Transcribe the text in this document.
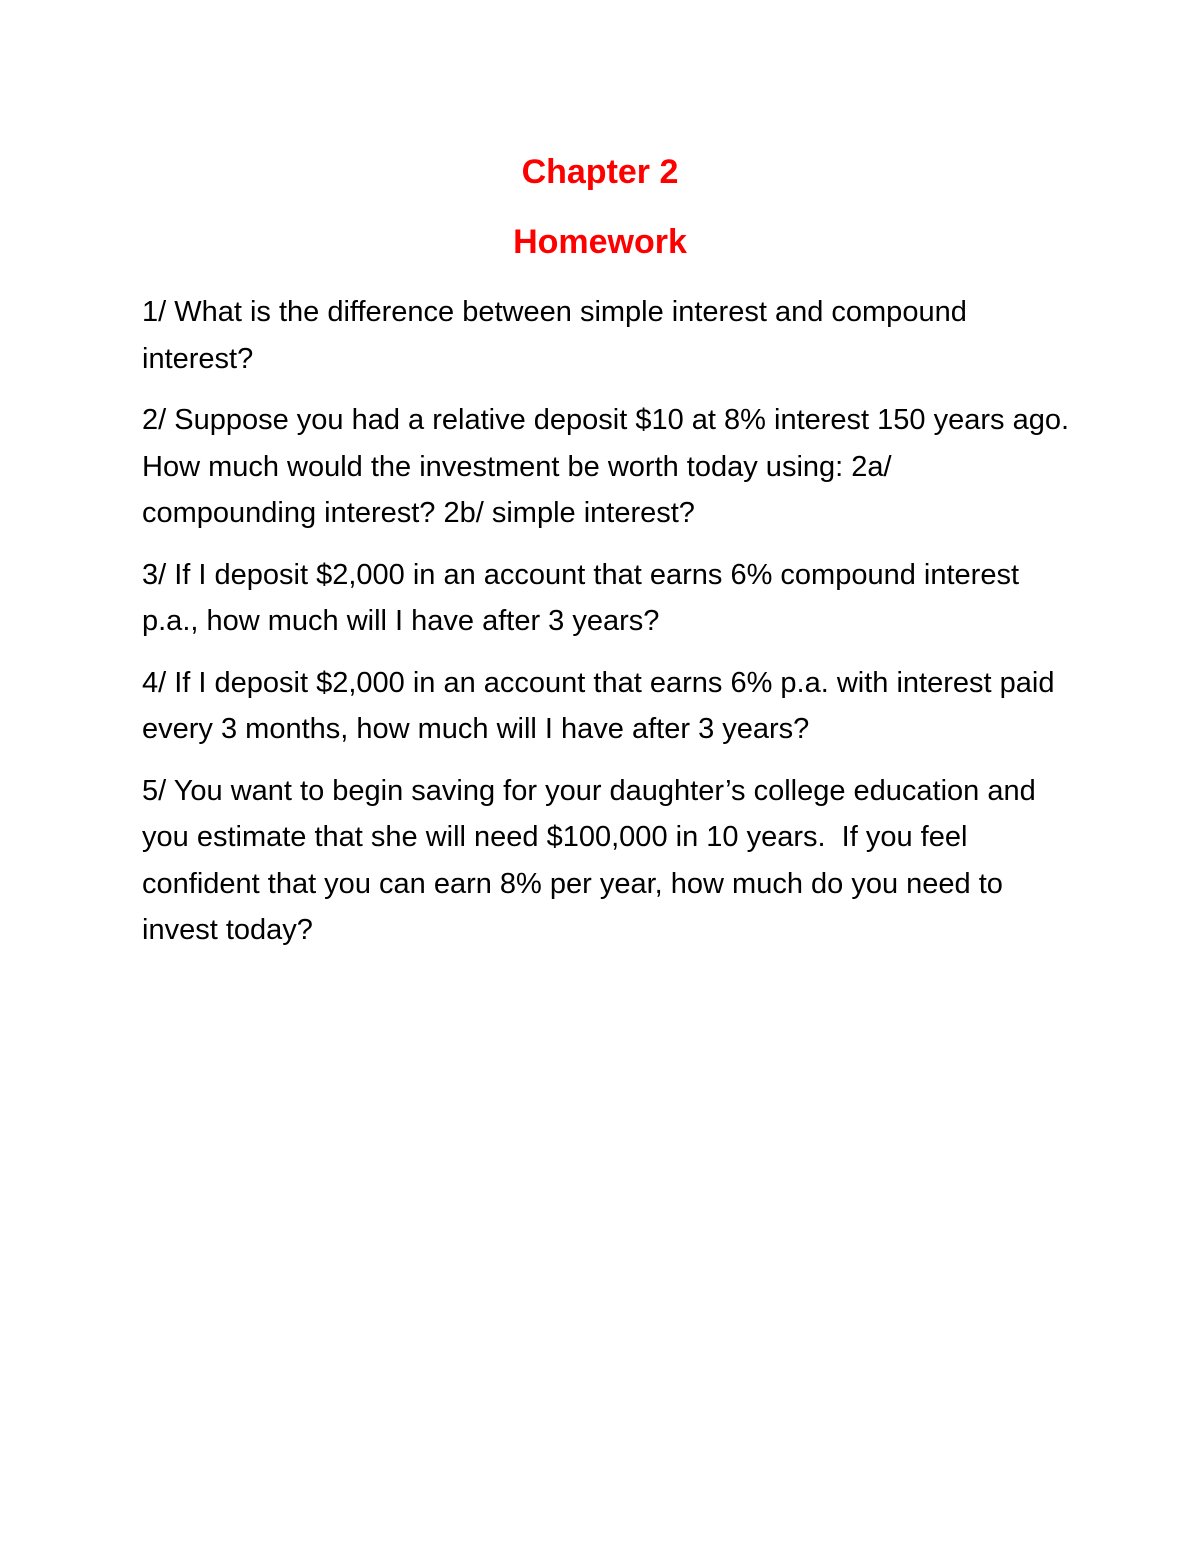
Chapter 2
Homework

1/ What is the difference between simple interest and compound interest?

2/ Suppose you had a relative deposit $10 at 8% interest 150 years ago. How much would the investment be worth today using: 2a/ compounding interest? 2b/ simple interest?

3/ If I deposit $2,000 in an account that earns 6% compound interest p.a., how much will I have after 3 years?

4/ If I deposit $2,000 in an account that earns 6% p.a. with interest paid every 3 months, how much will I have after 3 years?

5/ You want to begin saving for your daughter’s college education and you estimate that she will need $100,000 in 10 years.  If you feel confident that you can earn 8% per year, how much do you need to invest today?
